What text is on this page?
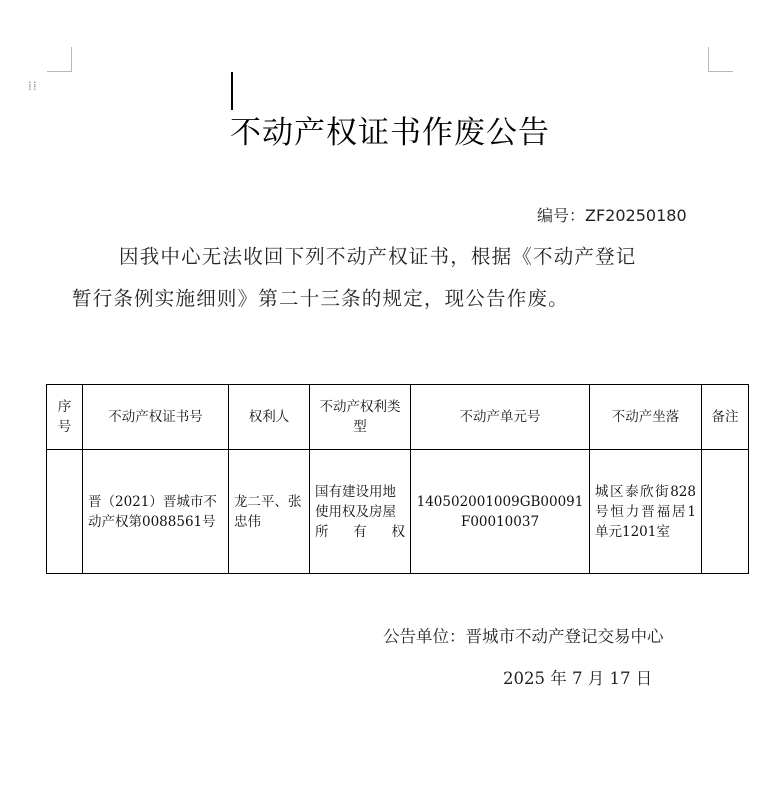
⁞⁞
不动产权证书作废公告
编号：ZF20250180
因我中心无法收回下列不动产权证书，根据《不动产登记
暂行条例实施细则》第二十三条的规定，现公告作废。
序号	不动产权证书号	权利人	不动产权利类型	不动产单元号	不动产坐落	备注
	晋（2021）晋城市不动产权第0088561号	龙二平、张忠伟	国有建设用地使用权及房屋所有权	140502001009GB00091F00010037	城区泰欣街828号恒力晋福居1单元1201室	
公告单位：晋城市不动产登记交易中心
2025 年 7 月 17 日
